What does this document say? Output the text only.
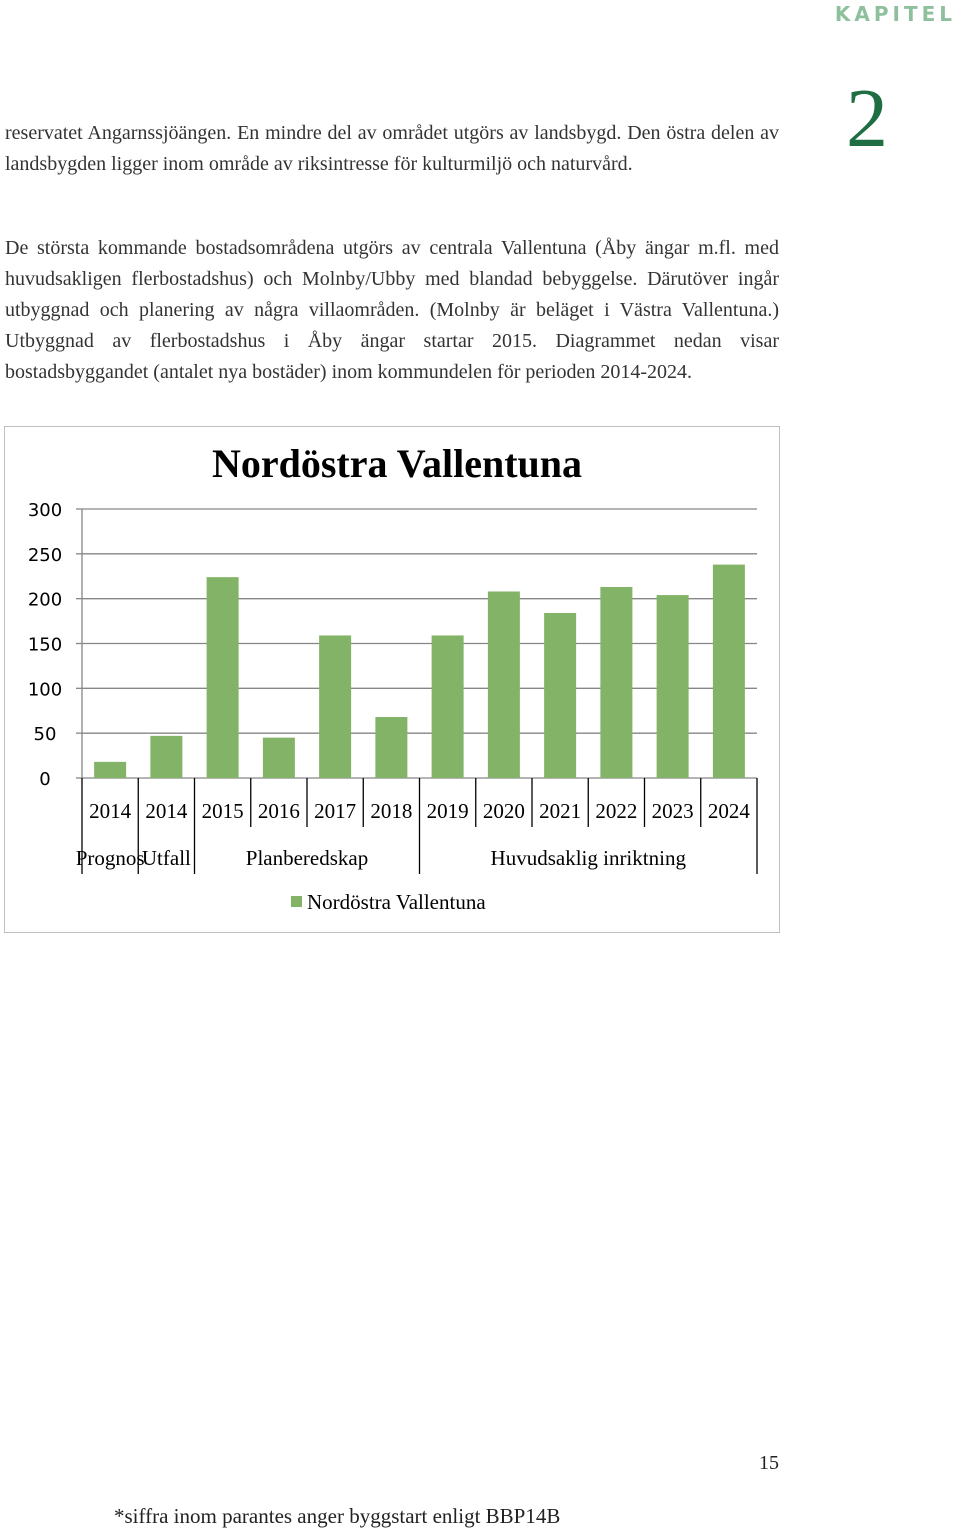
KAPITEL
2

reservatet Angarnssjöängen. En mindre del av området utgörs av landsbygd. Den östra delen av landsbygden ligger inom område av riksintresse för kulturmiljö och naturvård.

De största kommande bostadsområdena utgörs av centrala Vallentuna (Åby ängar m.fl. med huvudsakligen flerbostadshus) och Molnby/Ubby med blandad bebyggelse. Därutöver ingår utbyggnad och planering av några villaområden. (Molnby är beläget i Västra Vallentuna.) Utbyggnad av flerbostadshus i Åby ängar startar 2015. Diagrammet nedan visar bostadsbyggandet (antalet nya bostäder) inom kommundelen för perioden 2014-2024.

Nordöstra Vallentuna
0
50
100
150
200
250
300
2014 2014 2015 2016 2017 2018 2019 2020 2021 2022 2023 2024
Prognos
Utfall	Planberedskap	Huvudsaklig inriktning
Nordöstra Vallentuna
15
*siffra inom parantes anger byggstart enligt BBP14B
